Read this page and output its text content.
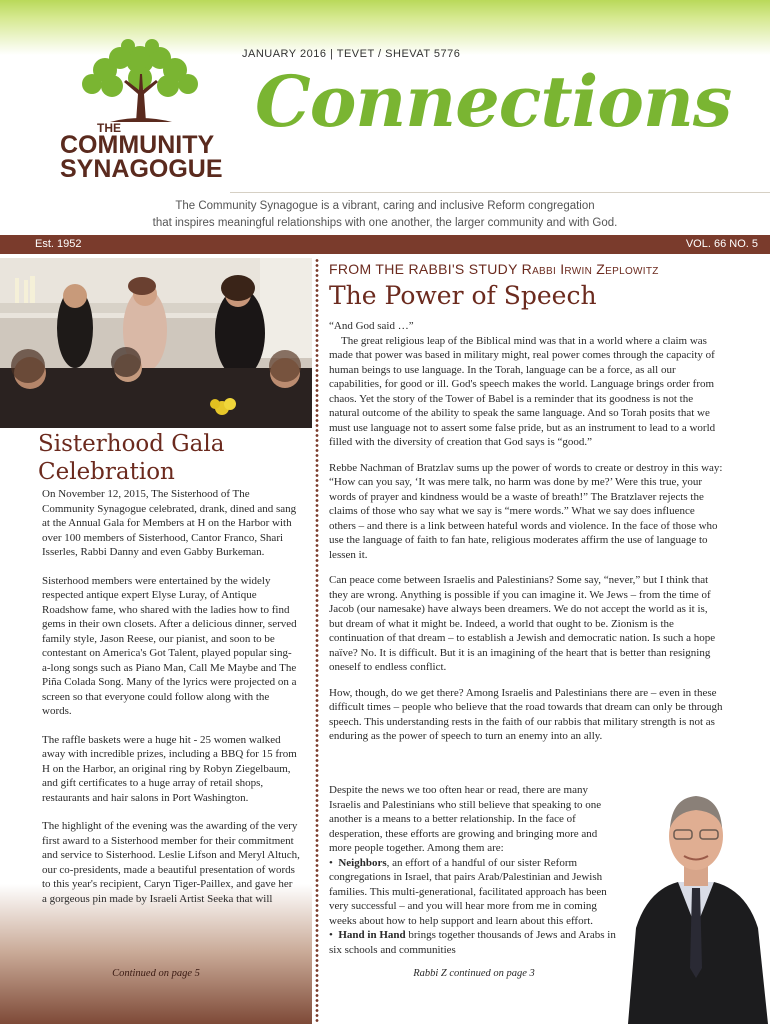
JANUARY 2016 | TEVET / SHEVAT 5776
THE
COMMUNITY
SYNAGOGUE
Connections
The Community Synagogue is a vibrant, caring and inclusive Reform congregation
that inspires meaningful relationships with one another, the larger community and with God.
Est. 1952	VOL. 66 NO. 5
Sisterhood Gala
Celebration

On November 12, 2015, The Sisterhood of The Community Synagogue celebrated, drank, dined and sang at the Annual Gala for Members at H on the Harbor with over 100 members of Sisterhood, Cantor Franco, Shari Isserles, Rabbi Danny and even Gabby Burkeman.

Sisterhood members were entertained by the widely respected antique expert Elyse Luray, of Antique Roadshow fame, who shared with the ladies how to find gems in their own closets. After a delicious dinner, served family style, Jason Reese, our pianist, and soon to be contestant on America's Got Talent, played popular sing-a-long songs such as Piano Man, Call Me Maybe and The Piña Colada Song. Many of the lyrics were projected on a screen so that everyone could follow along with the words.

The raffle baskets were a huge hit - 25 women walked away with incredible prizes, including a BBQ for 15 from H on the Harbor, an original ring by Robyn Ziegelbaum, and gift certificates to a huge array of retail shops, restaurants and hair salons in Port Washington.

The highlight of the evening was the awarding of the very first award to a Sisterhood member for their commitment and service to Sisterhood. Leslie Lifson and Meryl Altuch, our co-presidents, made a beautiful presentation of words to this year's recipient, Caryn Tiger-Paillex, and gave her a gorgeous pin made by Israeli Artist Seeka that will

Continued on page 5
FROM THE RABBI'S STUDY Rabbi Irwin Zeplowitz
The Power of Speech
“And God said …”

The great religious leap of the Biblical mind was that in a world where a claim was made that power was based in military might, real power comes through the capacity of human beings to use language. In the Torah, language can be a force, as all our capabilities, for good or ill. God's speech makes the world. Language brings order from chaos. Yet the story of the Tower of Babel is a reminder that its goodness is not the natural outcome of the ability to speak the same language. And so Torah posits that we must use language not to assert some false pride, but as an instrument to lead to a world filled with the diversity of creation that God says is “good.”

Rebbe Nachman of Bratzlav sums up the power of words to create or destroy in this way: “How can you say, ‘It was mere talk, no harm was done by me?’ Were this true, your words of prayer and kindness would be a waste of breath!” The Bratzlaver rejects the claims of those who say what we say is “mere words.” What we say does influence others – and there is a link between hateful words and violence. In the face of those who use the language of faith to fan hate, religious moderates affirm the use of language to lessen it.

Can peace come between Israelis and Palestinians? Some say, “never,” but I think that they are wrong. Anything is possible if you can imagine it. We Jews – from the time of Jacob (our namesake) have always been dreamers. We do not accept the world as it is, but dream of what it might be. Indeed, a world that ought to be. Zionism is the continuation of that dream – to establish a Jewish and democratic nation. Is such a hope naïve? No. It is difficult. But it is an imagining of the heart that is better than resigning oneself to endless conflict.

How, though, do we get there? Among Israelis and Palestinians there are – even in these difficult times – people who believe that the road towards that dream can only be through speech. This understanding rests in the faith of our rabbis that military strength is not as enduring as the power of speech to turn an enemy into an ally.

Despite the news we too often hear or read, there are many Israelis and Palestinians who still believe that speaking to one another is a means to a better relationship. In the face of desperation, these efforts are growing and bringing more and more people together. Among them are:

•  Neighbors, an effort of a handful of our sister Reform congregations in Israel, that pairs Arab/Palestinian and Jewish families. This multi-generational, facilitated approach has been very successful – and you will hear more from me in coming weeks about how to help support and learn about this effort.

•  Hand in Hand brings together thousands of Jews and Arabs in six schools and communities

Rabbi Z continued on page 3
